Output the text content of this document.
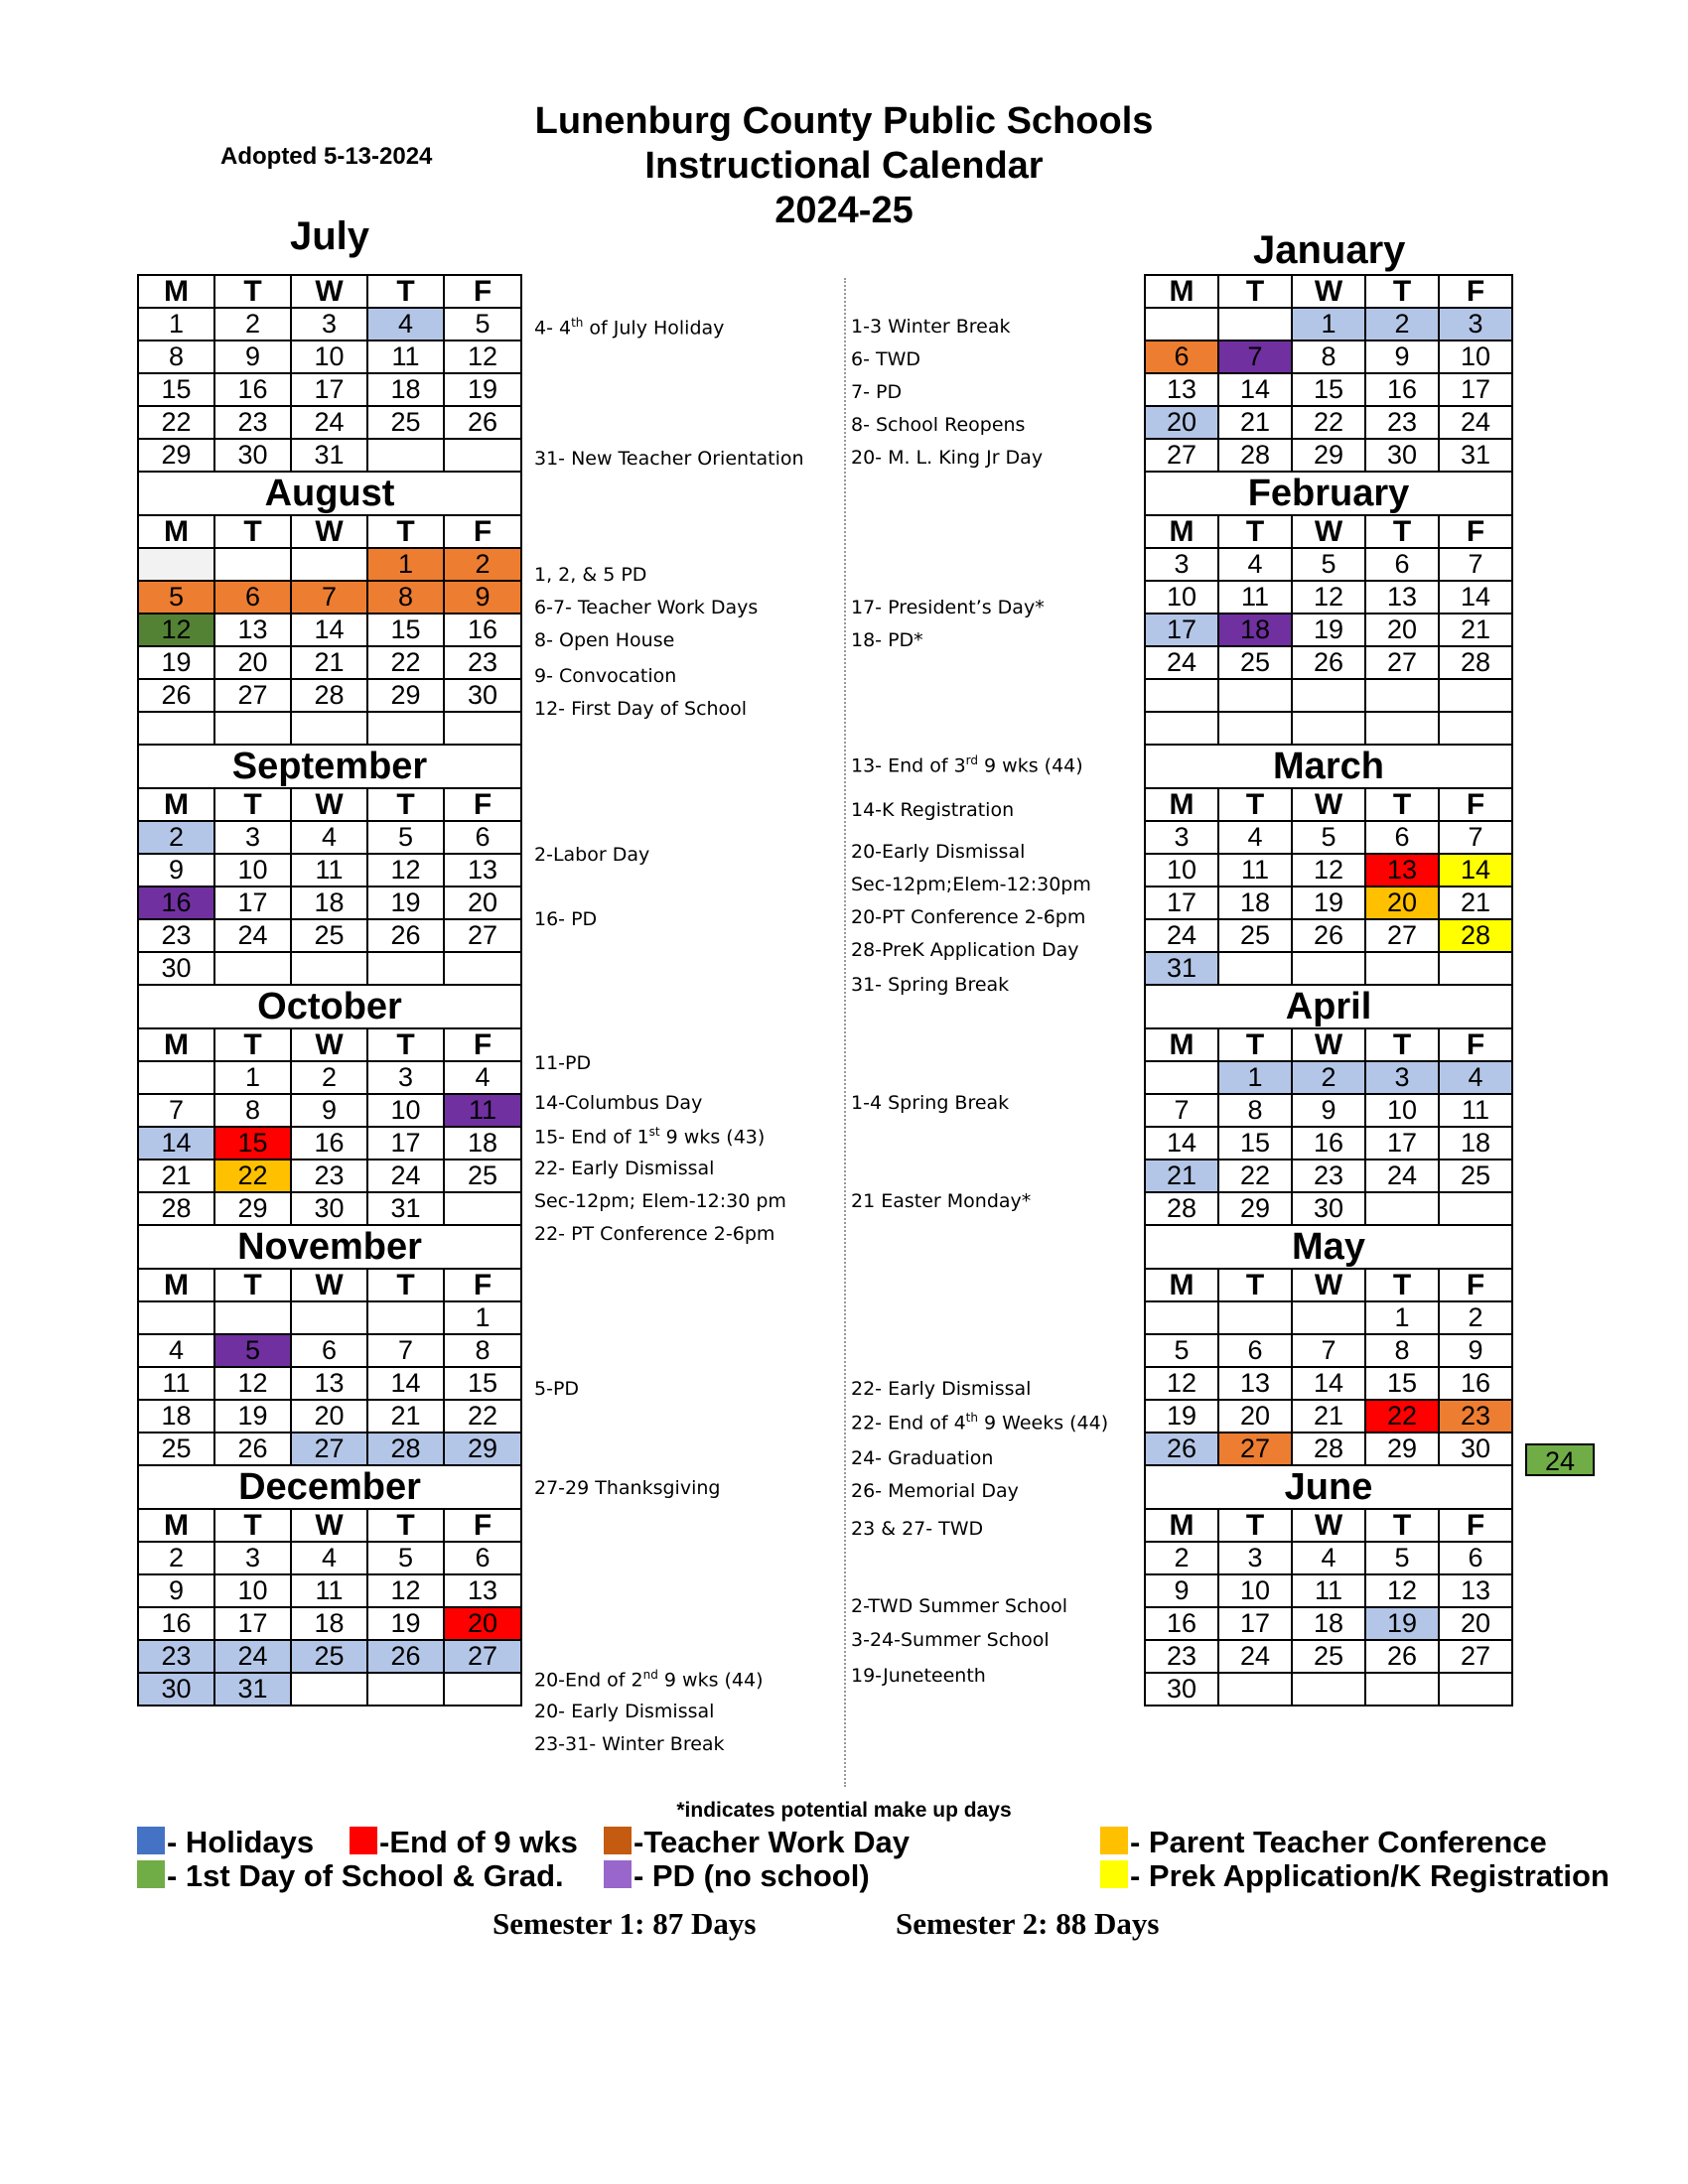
Lunenburg County Public Schools
Instructional Calendar
2024-25
Adopted 5-13-2024
July	January
M	T	W	T	F
1	2	3	4	5
8	9	10	11	12
15	16	17	18	19
22	23	24	25	26
29	30	31		
August				
M	T	W	T	F
			1	2
5	6	7	8	9
12	13	14	15	16
19	20	21	22	23
26	27	28	29	30

September				
M	T	W	T	F
2	3	4	5	6
9	10	11	12	13
16	17	18	19	20
23	24	25	26	27
30				
October				
M	T	W	T	F
	1	2	3	4
7	8	9	10	11
14	15	16	17	18
21	22	23	24	25
28	29	30	31	
November				
M	T	W	T	F
				1
4	5	6	7	8
11	12	13	14	15
18	19	20	21	22
25	26	27	28	29
December				
M	T	W	T	F
2	3	4	5	6
9	10	11	12	13
16	17	18	19	20
23	24	25	26	27
30	31			
M	T	W	T	F
		1	2	3
6	7	8	9	10
13	14	15	16	17
20	21	22	23	24
27	28	29	30	31
February				
M	T	W	T	F
3	4	5	6	7
10	11	12	13	14
17	18	19	20	21
24	25	26	27	28

March				
M	T	W	T	F
3	4	5	6	7
10	11	12	13	14
17	18	19	20	21
24	25	26	27	28
31				
April				
M	T	W	T	F
	1	2	3	4
7	8	9	10	11
14	15	16	17	18
21	22	23	24	25
28	29	30		
May				
M	T	W	T	F
			1	2
5	6	7	8	9
12	13	14	15	16
19	20	21	22	23
26	27	28	29	30
June				
M	T	W	T	F
2	3	4	5	6
9	10	11	12	13
16	17	18	19	20
23	24	25	26	27
30				
24
4- 4th of July Holiday
31- New Teacher Orientation
1, 2, & 5 PD
6-7- Teacher Work Days
8- Open House
9- Convocation
12- First Day of School
2-Labor Day
16- PD
11-PD
14-Columbus Day
15- End of 1st 9 wks (43)
22- Early Dismissal
Sec-12pm; Elem-12:30 pm
22- PT Conference 2-6pm
5-PD
27-29 Thanksgiving
20-End of 2nd 9 wks (44)
20- Early Dismissal
23-31- Winter Break
1-3 Winter Break
6- TWD
7- PD
8- School Reopens
20- M. L. King Jr Day
17- President’s Day*
18- PD*
13- End of 3rd 9 wks (44)
14-K Registration
20-Early Dismissal
Sec-12pm;Elem-12:30pm
20-PT Conference 2-6pm
28-PreK Application Day
31- Spring Break
1-4 Spring Break
21 Easter Monday*
22- Early Dismissal
22- End of 4th 9 Weeks (44)
24- Graduation
26- Memorial Day
23 & 27- TWD
2-TWD Summer School
3-24-Summer School
19-Juneteenth
*indicates potential make up days
- Holidays -End of 9 wks -Teacher Work Day	- Parent Teacher Conference
- 1st Day of School & Grad. - PD (no school)	- Prek Application/K Registration
Semester 1: 87 Days	Semester 2: 88 Days
